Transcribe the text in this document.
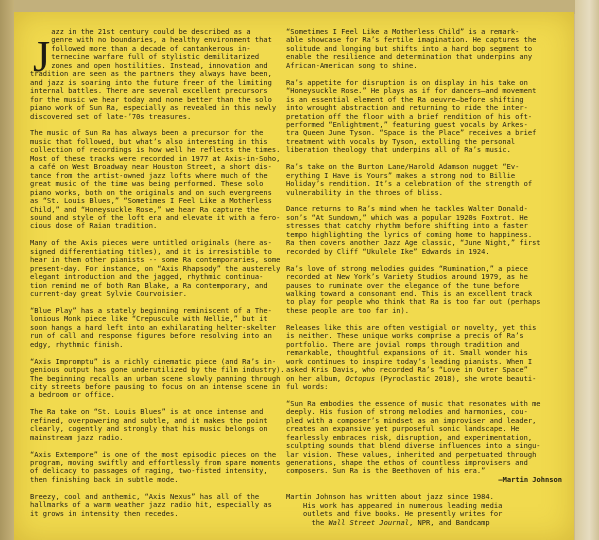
J

azz in the 21st century could be described as a
genre with no boundaries, a healthy environment that
followed more than a decade of cantankerous in-
ternecine warfare full of stylistic demilitarized
zones and open hostilities. Instead, innovation and
tradition are seen as the partners they always have been,
and jazz is soaring into the future freer of the limiting
internal battles. There are several excellent precursors
for the music we hear today and none better than the solo
piano work of Sun Ra, especially as revealed in this newly
discovered set of late-’70s treasures.

The music of Sun Ra has always been a precursor for the
music that followed, but what’s also interesting in this
collection of recordings is how well he reflects the times.
Most of these tracks were recorded in 1977 at Axis-in-Soho,
a café on West Broadway near Houston Street, a short dis-
tance from the artist-owned jazz lofts where much of the
great music of the time was being performed. These solo
piano works, both on the originals and on such evergreens
as “St. Louis Blues,” “Sometimes I Feel Like a Motherless
Child,” and “Honeysuckle Rose,” we hear Ra capture the
sound and style of the loft era and elevate it with a fero-
cious dose of Raian tradition.

Many of the Axis pieces were untitled originals (here as-
signed differentiating titles), and it is irresistible to
hear in them other pianists -- some Ra contemporaries, some
present-day. For instance, on “Axis Rhapsody” the austerely
elegant introduction and the jagged, rhythmic continua-
tion remind me of both Ran Blake, a Ra contemporary, and
current-day great Sylvie Courvoisier.

“Blue Play” has a stately beginning reminiscent of a The-
lonious Monk piece like “Crepuscule with Nellie,” but it
soon hangs a hard left into an exhilarating helter-skelter
run of call and response figures before resolving into an
edgy, rhythmic finish.

“Axis Impromptu” is a richly cinematic piece (and Ra’s in-
genious output has gone underutilized by the film industry).
The beginning recalls an urban scene slowly panning through
city streets before pausing to focus on an intense scene in
a bedroom or office.

The Ra take on “St. Louis Blues” is at once intense and
refined, overpowering and subtle, and it makes the point
clearly, cogently and strongly that his music belongs on
mainstream jazz radio.

“Axis Extempore” is one of the most episodic pieces on the
program, moving swiftly and effortlessly from spare moments
of delicacy to passages of raging, two-fisted intensity,
then finishing back in subtle mode.

Breezy, cool and anthemic, “Axis Nexus” has all of the
hallmarks of a warm weather jazz radio hit, especially as
it grows in intensity then recedes.

“Sometimes I Feel Like a Motherless Child” is a remark-
able showcase for Ra’s fertile imagination. He captures the
solitude and longing but shifts into a hard bop segment to
enable the resilience and determination that underpins any
African-American song to shine.

Ra’s appetite for disruption is on display in his take on
“Honeysuckle Rose.” He plays as if for dancers—and movement
is an essential element of the Ra oeuvre—before shifting
into wrought abstraction and returning to ride the inter-
pretation off the floor with a brief rendition of his oft-
performed “Enlightment,” featuring guest vocals by Arkes-
tra Queen June Tyson. “Space is the Place” receives a brief
treatment with vocals by Tyson, extolling the personal
liberation theology that underpins all of Ra’s music.

Ra’s take on the Burton Lane/Harold Adamson nugget “Ev-
erything I Have is Yours” makes a strong nod to Billie
Holiday’s rendition. It’s a celebration of the strength of
vulnerability in the throes of bliss.

Dance returns to Ra’s mind when he tackles Walter Donald-
son’s “At Sundown,” which was a popular 1920s Foxtrot. He
stresses that catchy rhythm before shifting into a faster
tempo highlighting the lyrics of coming home to happiness.
Ra then covers another Jazz Age classic, “June Night,” first
recorded by Cliff “Ukulele Ike” Edwards in 1924.

Ra’s love of strong melodies guides “Rumination,” a piece
recorded at New York’s Variety Studios around 1979, as he
pauses to ruminate over the elegance of the tune before
walking toward a consonant end. This is an excellent track
to play for people who think that Ra is too far out (perhaps
these people are too far in).

Releases like this are often vestigial or novelty, yet this
is neither. These unique works comprise a precis of Ra’s
portfolio. There are jovial romps through tradition and
remarkable, thoughtful expansions of it. Small wonder his
work continues to inspire today’s leading pianists. When I
asked Kris Davis, who recorded Ra’s “Love in Outer Space”
on her album, Octopus (Pyroclastic 2018), she wrote beauti-
ful words:

“Sun Ra embodies the essence of music that resonates with me
deeply. His fusion of strong melodies and harmonies, cou-
pled with a composer’s mindset as an improviser and leader,
creates an expansive yet purposeful sonic landscape. He
fearlessly embraces risk, disruption, and experimentation,
sculpting sounds that blend diverse influences into a singu-
lar vision. These values, inherited and perpetuated through
generations, shape the ethos of countless improvisers and
composers. Sun Ra is the Beethoven of his era.”

—Martin Johnson

Martin Johnson has written about jazz since 1984.
His work has appeared in numerous leading media
outlets and five books. He presently writes for
the Wall Street Journal, NPR, and Bandcamp
